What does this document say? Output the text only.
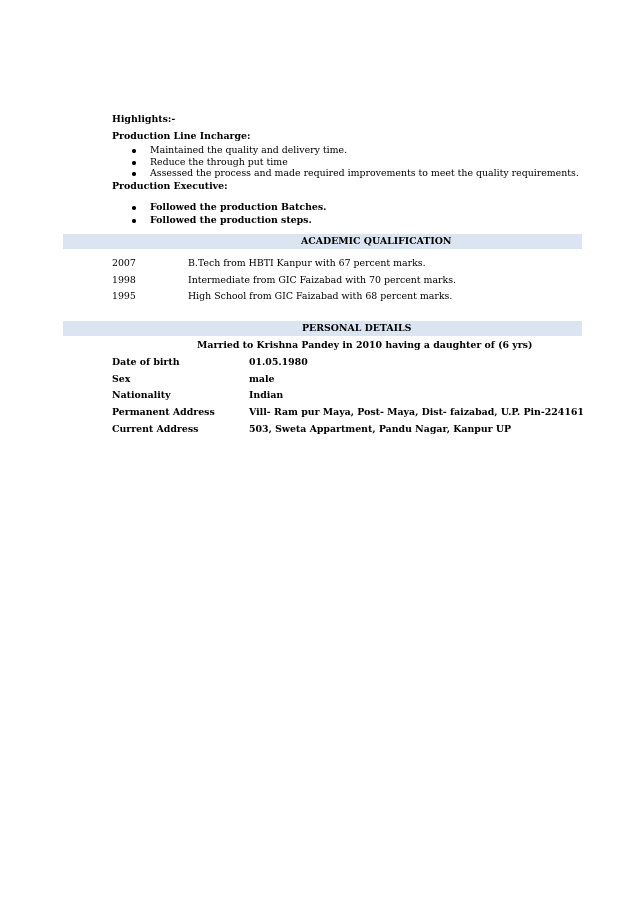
Highlights:-
Production Line Incharge:
Maintained the quality and delivery time.
Reduce the through put time
Assessed the process and made required improvements to meet the quality requirements.
Production Executive:
Followed the production Batches.
Followed the production steps.
ACADEMIC QUALIFICATION
2007	B.Tech from HBTI Kanpur with 67 percent marks.
1998	Intermediate from GIC Faizabad with 70 percent marks.
1995	High School from GIC Faizabad with 68 percent marks.
PERSONAL DETAILS
Married to Krishna Pandey in 2010 having a daughter of (6 yrs)
Date of birth	01.05.1980
Sex	male
Nationality	Indian
Permanent Address	Vill- Ram pur Maya, Post- Maya, Dist- faizabad, U.P. Pin-224161
Current Address	503, Sweta Appartment, Pandu Nagar, Kanpur UP
